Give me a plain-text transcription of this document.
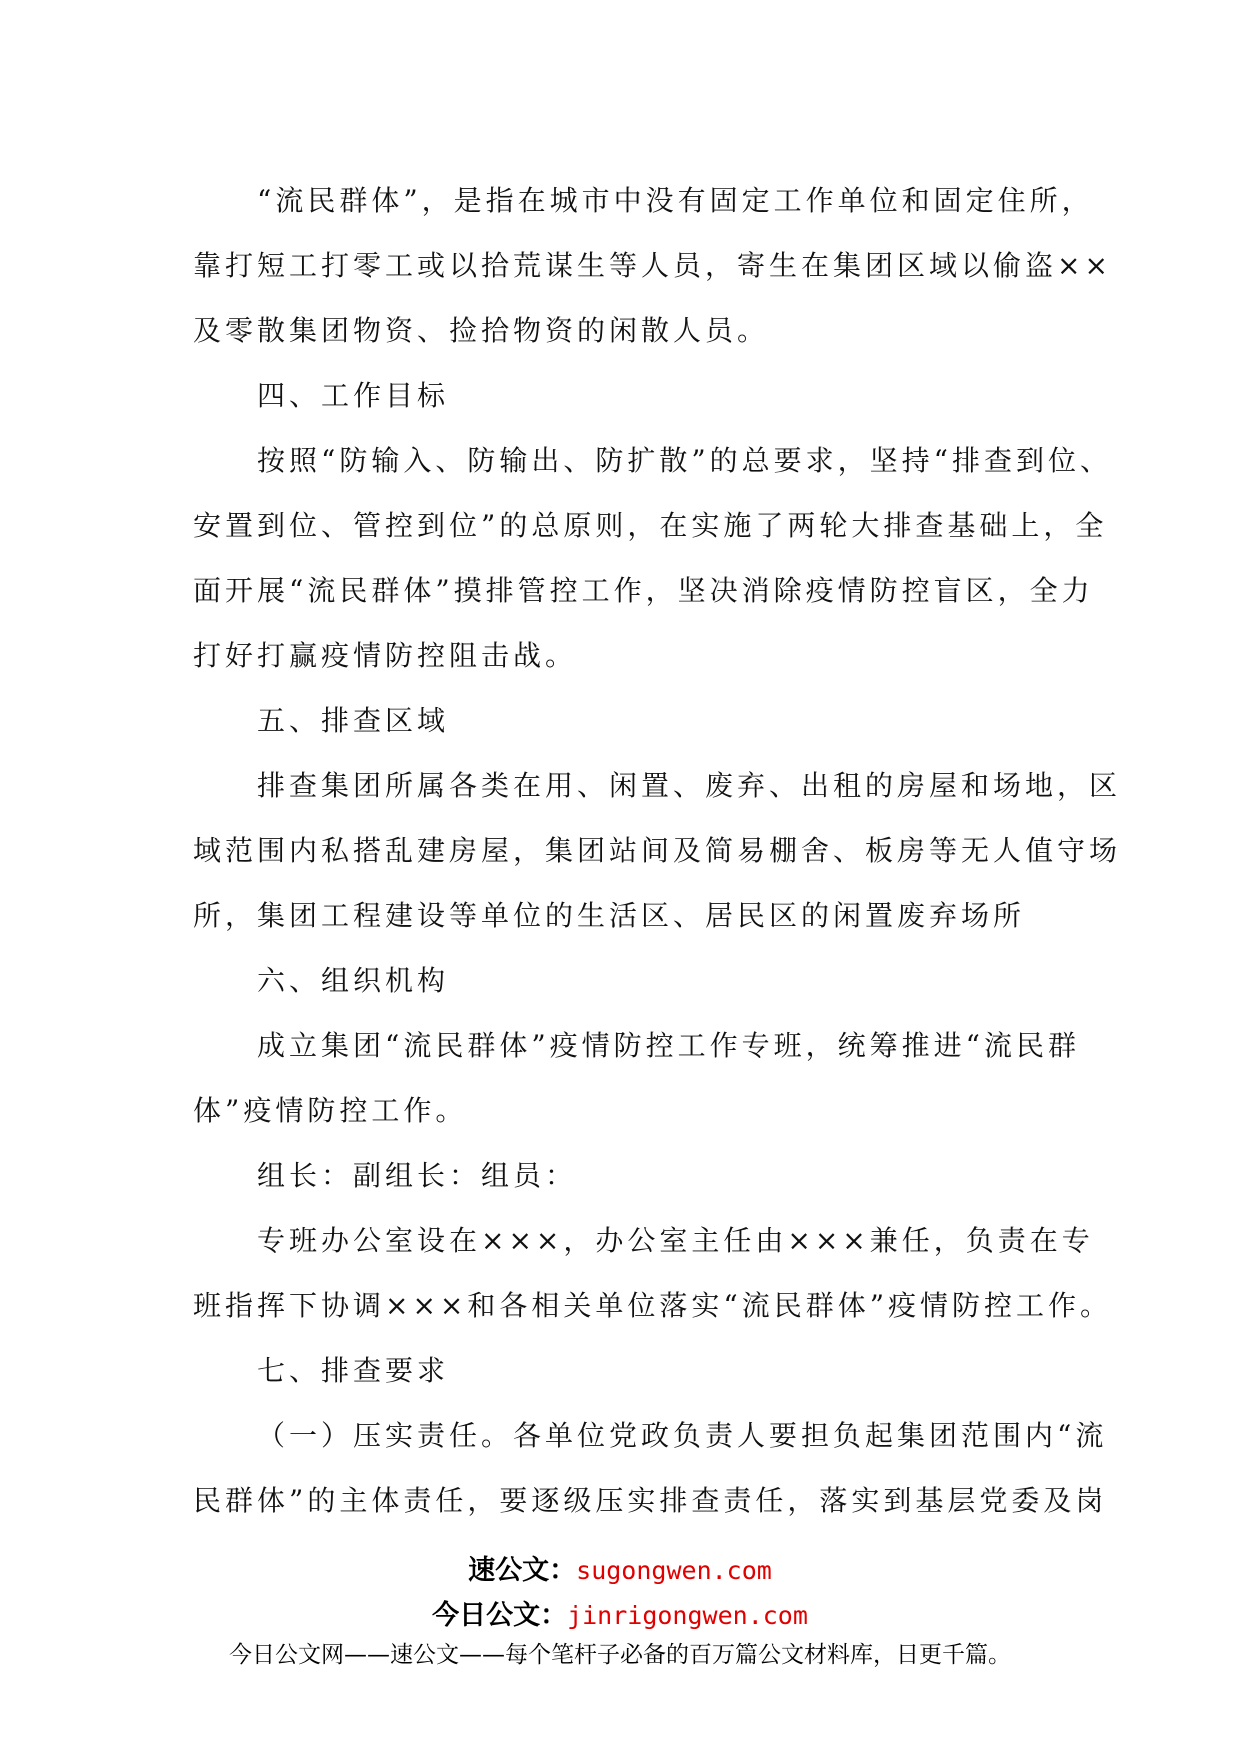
“流民群体”，是指在城市中没有固定工作单位和固定住所，
靠打短工打零工或以拾荒谋生等人员，寄生在集团区域以偷盗××
及零散集团物资、捡拾物资的闲散人员。
四、工作目标
按照“防输入、防输出、防扩散”的总要求，坚持“排查到位、
安置到位、管控到位”的总原则，在实施了两轮大排查基础上，全
面开展“流民群体”摸排管控工作，坚决消除疫情防控盲区，全力
打好打赢疫情防控阻击战。
五、排查区域
排查集团所属各类在用、闲置、废弃、出租的房屋和场地，区
域范围内私搭乱建房屋，集团站间及简易棚舍、板房等无人值守场
所，集团工程建设等单位的生活区、居民区的闲置废弃场所
六、组织机构
成立集团“流民群体”疫情防控工作专班，统筹推进“流民群
体”疫情防控工作。
组长：副组长：组员：
专班办公室设在×××，办公室主任由×××兼任，负责在专
班指挥下协调×××和各相关单位落实“流民群体”疫情防控工作。
七、排查要求
（一）压实责任。各单位党政负责人要担负起集团范围内“流
民群体”的主体责任，要逐级压实排查责任，落实到基层党委及岗
速公文：sugongwen.com
今日公文：jinrigongwen.com
今日公文网——速公文——每个笔杆子必备的百万篇公文材料库，日更千篇。
